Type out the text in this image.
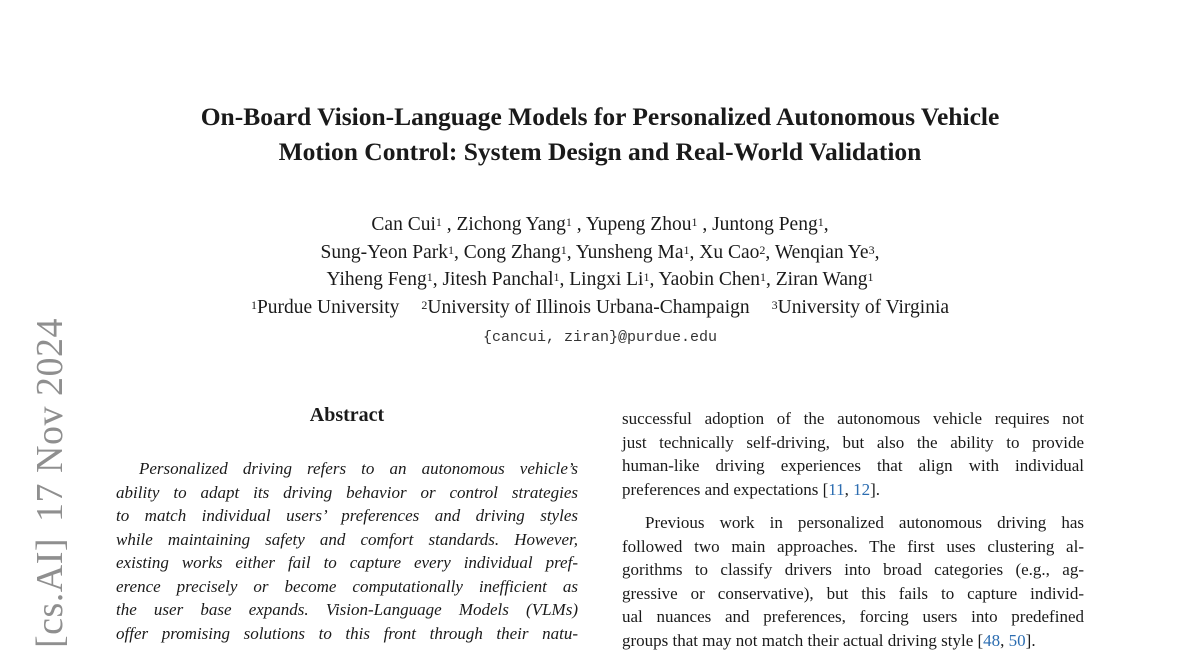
[cs.AI]17 Nov 2024
On-Board Vision-Language Models for Personalized Autonomous Vehicle
Motion Control: System Design and Real-World Validation
Can Cui$^1$ , Zichong Yang$^1$ , Yupeng Zhou$^1$ , Juntong Peng$^1$,
Sung-Yeon Park$^1$, Cong Zhang$^1$, Yunsheng Ma$^1$, Xu Cao$^2$, Wenqian Ye$^3$,
Yiheng Feng$^1$, Jitesh Panchal$^1$, Lingxi Li$^1$, Yaobin Chen$^1$, Ziran Wang$^1$
$^1$Purdue University $^2$University of Illinois Urbana-Champaign $^3$University of Virginia
{cancui, ziran}@purdue.edu
Abstract
Personalized driving refers to an autonomous vehicle’s
ability to adapt its driving behavior or control strategies
to match individual users’ preferences and driving styles
while maintaining safety and comfort standards. However,
existing works either fail to capture every individual pref-
erence precisely or become computationally inefficient as
the user base expands. Vision-Language Models (VLMs)
offer promising solutions to this front through their natu-
successful adoption of the autonomous vehicle requires not
just technically self-driving, but also the ability to provide
human-like driving experiences that align with individual
preferences and expectations [11, 12].
Previous work in personalized autonomous driving has
followed two main approaches. The first uses clustering al-
gorithms to classify drivers into broad categories (e.g., ag-
gressive or conservative), but this fails to capture individ-
ual nuances and preferences, forcing users into predefined
groups that may not match their actual driving style [48, 50].
